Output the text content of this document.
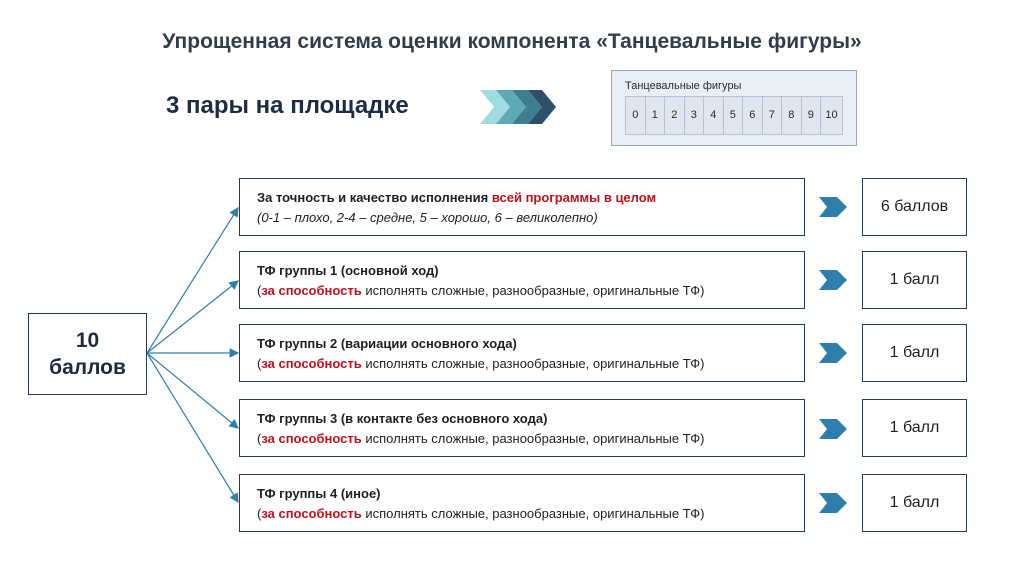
Упрощенная система оценки компонента «Танцевальные фигуры»
3 пары на площадке
Танцевальные фигуры
0	1	2	3	4	5	6	7	8	9	10
10
баллов
За точность и качество исполнения всей программы в целом
(0-1 – плохо, 2-4 – средне, 5 – хорошо, 6 – великолепно)
6 баллов
ТФ группы 1 (основной ход)
(за способность исполнять сложные, разнообразные, оригинальные ТФ)
1 балл
ТФ группы 2 (вариации основного хода)
(за способность исполнять сложные, разнообразные, оригинальные ТФ)
1 балл
ТФ группы 3 (в контакте без основного хода)
(за способность исполнять сложные, разнообразные, оригинальные ТФ)
1 балл
ТФ группы 4 (иное)
(за способность исполнять сложные, разнообразные, оригинальные ТФ)
1 балл
